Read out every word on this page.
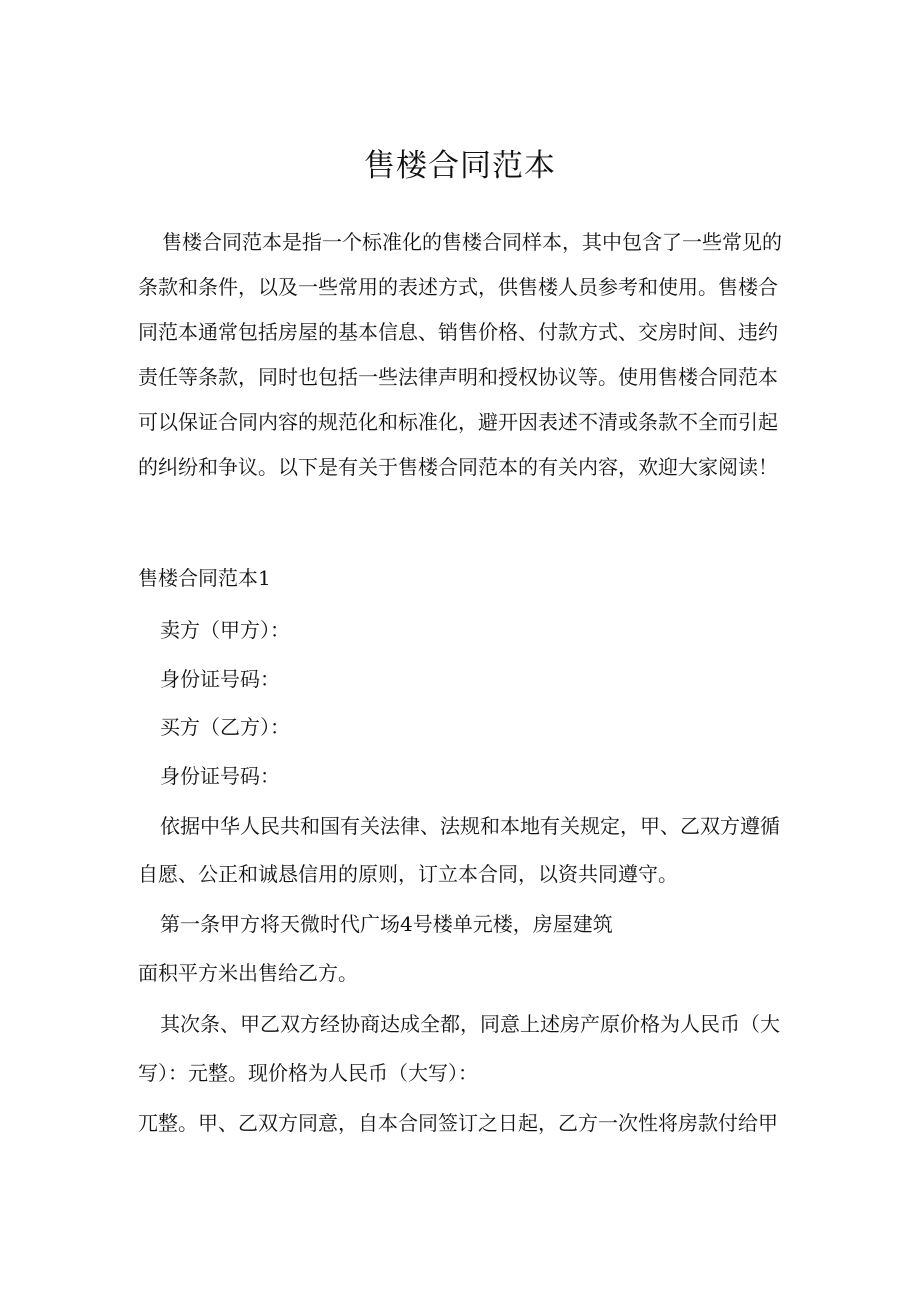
售楼合同范本

售楼合同范本是指一个标准化的售楼合同样本，其中包含了一些常见的条款和条件，以及一些常用的表述方式，供售楼人员参考和使用。售楼合同范本通常包括房屋的基本信息、销售价格、付款方式、交房时间、违约责任等条款，同时也包括一些法律声明和授权协议等。使用售楼合同范本可以保证合同内容的规范化和标准化，避开因表述不清或条款不全而引起的纠纷和争议。以下是有关于售楼合同范本的有关内容，欢迎大家阅读！

售楼合同范本1

卖方（甲方）：

身份证号码：

买方（乙方）：

身份证号码：

依据中华人民共和国有关法律、法规和本地有关规定，甲、乙双方遵循

自愿、公正和诚恳信用的原则，订立本合同，以资共同遵守。

第一条甲方将天微时代广场4号楼单元楼，房屋建筑

面积平方米出售给乙方。

其次条、甲乙双方经协商达成全都，同意上述房产原价格为人民币（大

写）：元整。现价格为人民币（大写）：

兀整。甲、乙双方同意，自本合同签订之日起，乙方一次性将房款付给甲
